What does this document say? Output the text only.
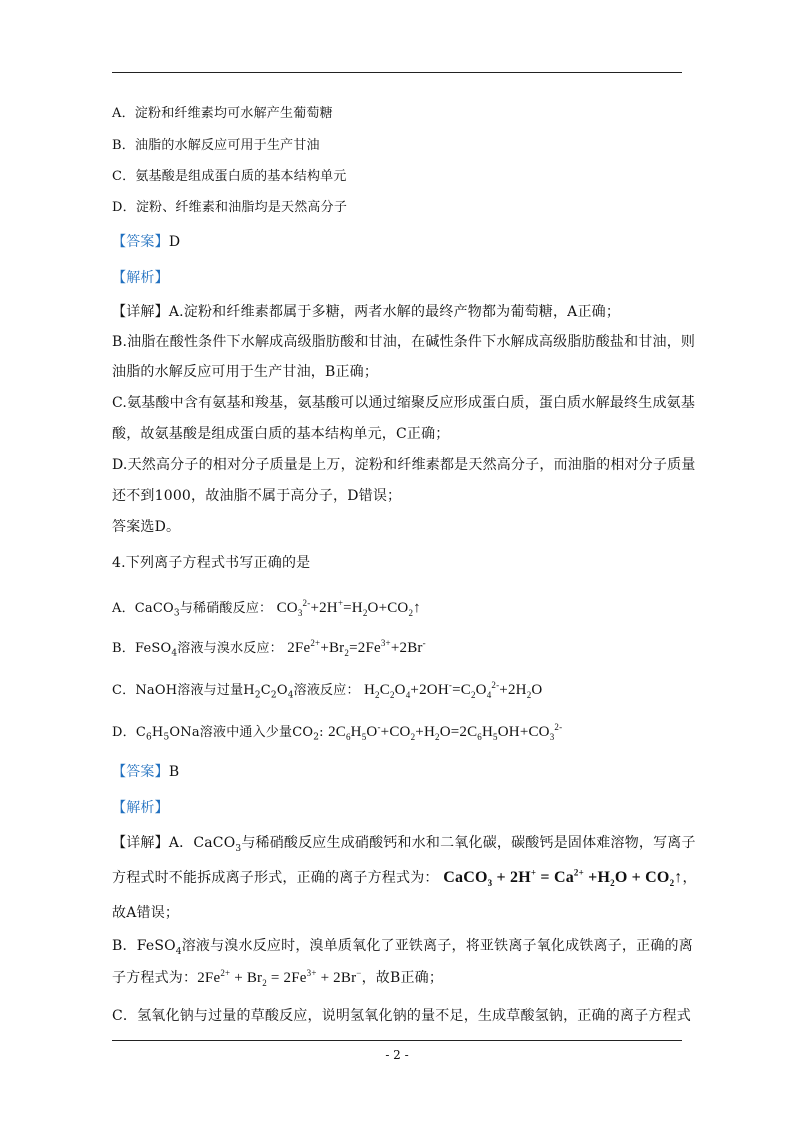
A．淀粉和纤维素均可水解产生葡萄糖
B．油脂的水解反应可用于生产甘油
C．氨基酸是组成蛋白质的基本结构单元
D．淀粉、纤维素和油脂均是天然高分子
【答案】D
【解析】
【详解】A.淀粉和纤维素都属于多糖，两者水解的最终产物都为葡萄糖，A正确；
B.油脂在酸性条件下水解成高级脂肪酸和甘油，在碱性条件下水解成高级脂肪酸盐和甘油，则
油脂的水解反应可用于生产甘油，B正确；
C.氨基酸中含有氨基和羧基，氨基酸可以通过缩聚反应形成蛋白质，蛋白质水解最终生成氨基
酸，故氨基酸是组成蛋白质的基本结构单元，C正确；
D.天然高分子的相对分子质量是上万，淀粉和纤维素都是天然高分子，而油脂的相对分子质量
还不到1000，故油脂不属于高分子，D错误；
答案选D。
4.下列离子方程式书写正确的是
A．CaCO$_3$与稀硝酸反应： $CO_3^{2-}+2H^+=H_2O+CO_2↑$
B．FeSO$_4$溶液与溴水反应： $2Fe^{2+}+Br_2=2Fe^{3+}+2Br^-$
C．NaOH溶液与过量$H_2C_2O_4$溶液反应： $H_2C_2O_4+2OH^-=C_2O_4^{2-}+2H_2O$
D．$C_6H_5ONa$溶液中通入少量$CO_2$: $2C_6H_5O^-+CO_2+H_2O=2C_6H_5OH+CO_3^{2-}$
【答案】B
【解析】
【详解】A．CaCO$_3$与稀硝酸反应生成硝酸钙和水和二氧化碳，碳酸钙是固体难溶物，写离子
方程式时不能拆成离子形式，正确的离子方程式为： CaCO$_3$ + $2H^+ = Ca^{2+} +H_2O$ + $CO_2↑$，
故A错误；
B．FeSO$_4$溶液与溴水反应时，溴单质氧化了亚铁离子，将亚铁离子氧化成铁离子，正确的离
子方程式为：$2Fe^{2+} + Br_2 = 2Fe^{3+} + 2Br^-$，故B正确；
C．氢氧化钠与过量的草酸反应，说明氢氧化钠的量不足，生成草酸氢钠，正确的离子方程式
- 2 -
